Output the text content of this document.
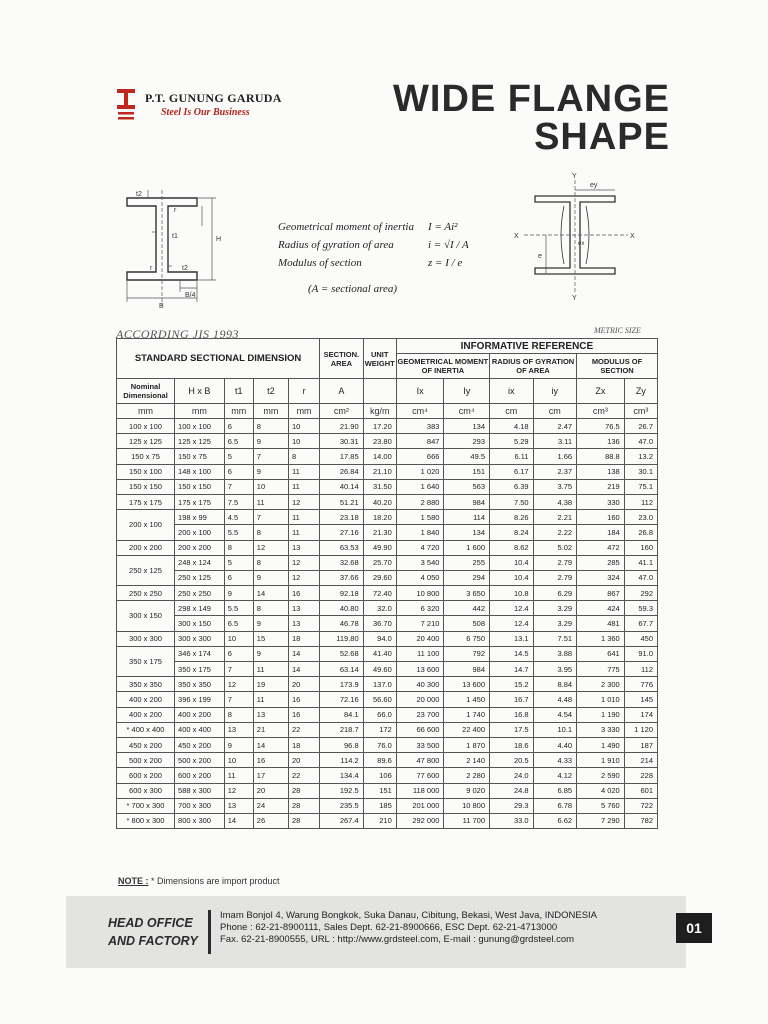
P.T. GUNUNG GARUDA
Steel Is Our Business	WIDE FLANGE
SHAPE
t2
r
H
t1
r	t2
B/4
B
Geometrical moment of inertia	I = Ai²
Radius of gyration of area	i = √I / A
Modulus of section	z = I / e
(A = sectional area)
Y
Y
X	X
ey
ex
e
ACCORDING JIS 1993	METRIC SIZE
STANDARD SECTIONAL DIMENSION					SECTION. AREA	UNIT WEIGHT	INFORMATIVE REFERENCE					
							GEOMETRICAL MOMENT OF INERTIA		RADIUS OF GYRATION OF AREA		MODULUS OF SECTION	
Nominal Dimensional	H x B	t1	t2	r	A		Ix	Iy	ix	iy	Zx	Zy
mm	mm	mm	mm	mm	cm²	kg/m	cm⁴	cm⁴	cm	cm	cm³	cm³
100 x 100	100 x 100	6	8	10	21.90	17.20	383	134	4.18	2.47	76.5	26.7
125 x 125	125 x 125	6.5	9	10	30.31	23.80	847	293	5.29	3.11	136	47.0
150 x 75	150 x 75	5	7	8	17.85	14.00	666	49.5	6.11	1.66	88.8	13.2
150 x 100	148 x 100	6	9	11	26.84	21.10	1 020	151	6.17	2.37	138	30.1
150 x 150	150 x 150	7	10	11	40.14	31.50	1 640	563	6.39	3.75	219	75.1
175 x 175	175 x 175	7.5	11	12	51.21	40.20	2 880	984	7.50	4.38	330	112
200 x 100	198 x 99	4.5	7	11	23.18	18.20	1 580	114	8.26	2.21	160	23.0
	200 x 100	5.5	8	11	27.16	21.30	1 840	134	8.24	2.22	184	26.8
200 x 200	200 x 200	8	12	13	63.53	49.90	4 720	1 600	8.62	5.02	472	160
250 x 125	248 x 124	5	8	12	32.68	25.70	3 540	255	10.4	2.79	285	41.1
	250 x 125	6	9	12	37.66	29.60	4 050	294	10.4	2.79	324	47.0
250 x 250	250 x 250	9	14	16	92.18	72.40	10 800	3 650	10.8	6.29	867	292
300 x 150	298 x 149	5.5	8	13	40.80	32.0	6 320	442	12.4	3.29	424	59.3
	300 x 150	6.5	9	13	46.78	36.70	7 210	508	12.4	3.29	481	67.7
300 x 300	300 x 300	10	15	18	119.80	94.0	20 400	6 750	13.1	7.51	1 360	450
350 x 175	346 x 174	6	9	14	52.68	41.40	11 100	792	14.5	3.88	641	91.0
	350 x 175	7	11	14	63.14	49.60	13 600	984	14.7	3.95	775	112
350 x 350	350 x 350	12	19	20	173.9	137.0	40 300	13 600	15.2	8.84	2 300	776
400 x 200	396 x 199	7	11	16	72.16	56.60	20 000	1 450	16.7	4.48	1 010	145
400 x 200	400 x 200	8	13	16	84.1	66.0	23 700	1 740	16.8	4.54	1 190	174
* 400 x 400	400 x 400	13	21	22	218.7	172	66 600	22 400	17.5	10.1	3 330	1 120
450 x 200	450 x 200	9	14	18	96.8	76.0	33 500	1 870	18.6	4.40	1 490	187
500 x 200	500 x 200	10	16	20	114.2	89.6	47 800	2 140	20.5	4.33	1 910	214
600 x 200	600 x 200	11	17	22	134.4	106	77 600	2 280	24.0	4.12	2 590	228
600 x 300	588 x 300	12	20	28	192.5	151	118 000	9 020	24.8	6.85	4 020	601
* 700 x 300	700 x 300	13	24	28	235.5	185	201 000	10 800	29.3	6.78	5 760	722
* 800 x 300	800 x 300	14	26	28	267.4	210	292 000	11 700	33.0	6.62	7 290	782
NOTE : * Dimensions are import product
HEAD OFFICE
AND FACTORY
Imam Bonjol 4, Warung Bongkok, Suka Danau, Cibitung, Bekasi, West Java, INDONESIA
Phone : 62-21-8900111, Sales Dept. 62-21-8900666, ESC Dept. 62-21-4713000
Fax. 62-21-8900555, URL : http://www.grdsteel.com, E-mail : gunung@grdsteel.com
01
